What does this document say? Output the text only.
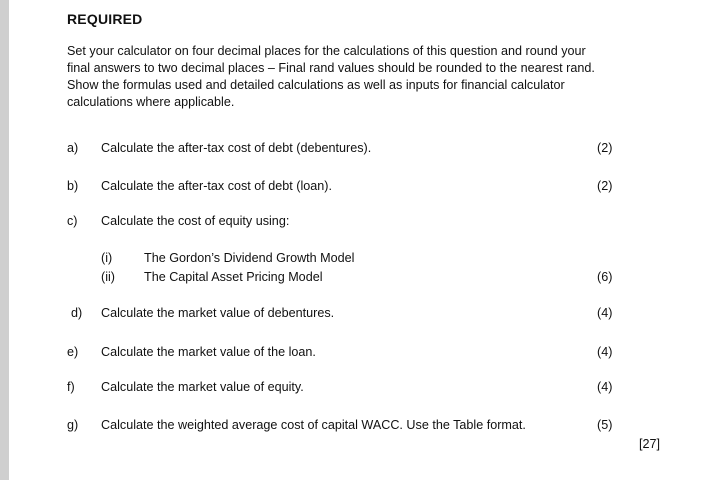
REQUIRED
Set your calculator on four decimal places for the calculations of this question and round your
final answers to two decimal places – Final rand values should be rounded to the nearest rand.
Show the formulas used and detailed calculations as well as inputs for financial calculator
calculations where applicable.
a) Calculate the after-tax cost of debt (debentures).	(2)
b) Calculate the after-tax cost of debt (loan).	(2)
c) Calculate the cost of equity using:
(i)	The Gordon’s Dividend Growth Model
(ii) The Capital Asset Pricing Model	(6)
d) Calculate the market value of debentures.	(4)
e) Calculate the market value of the loan.	(4)
f) Calculate the market value of equity.	(4)
g) Calculate the weighted average cost of capital WACC. Use the Table format.	(5)
[27]
